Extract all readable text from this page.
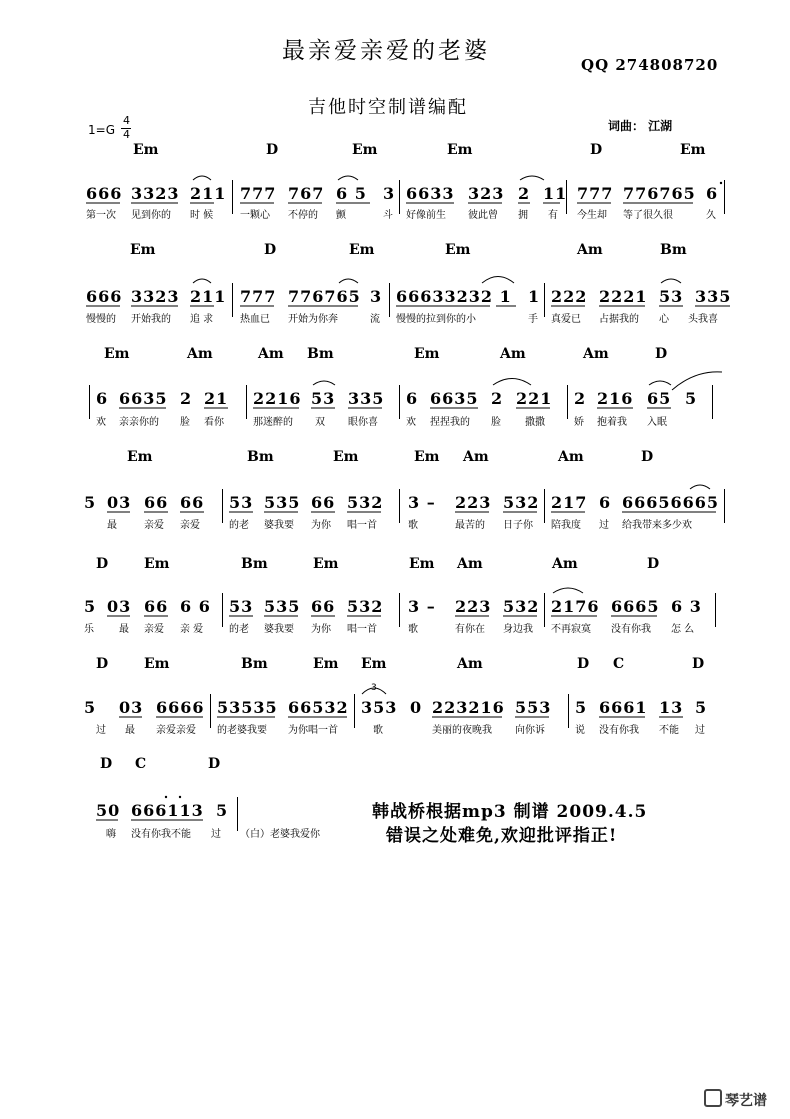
最亲爱亲爱的老婆
QQ 274808720
吉他时空制谱编配
词曲： 江湖
1=G
4
4
Em	D	Em	Em	D	Em
666 3323 211 777 767 6 5 3 6633 323 2 11 777 776765 6
第一次 见到你的 时 候	一颗心 不停的 颤	斗 好像前生 彼此曾 拥 有 今生却 等了很久很	久
Em	D	Em	Em	Am	Bm
666 3323 211 777 776765 3 66633232 1 1 222 2221 53 335
慢慢的 开始我的 追 求	热血已 开始为你奔	流 慢慢的拉到你的小	手 真爱已 占据我的 心 头我喜
Em	Am	Am Bm	Em	Am	Am	D
6 6635 2 21 2216 53 335 6 6635 2 221 2 216 65 5
欢 亲亲你的 脸 看你	那迷醉的 双 眼你喜	欢 捏捏我的 脸 撒撒	娇 抱着我 入眠
Em	Bm	Em	Em Am	Am	D
5 03 66 66 53 535 66 532 3 – 223 532 217 6 66656665
最	亲爱 亲爱	的老 婆我要 为你 唱一首	歌	最苦的 日子你 陪我度 过 给我带来多少欢
D	Em	Bm	Em	Em Am	Am	D
5 03 66 6 6 53 535 66 532 3 – 223 532 2176 6665 6 3
乐	最 亲爱 亲 爱	的老 婆我要 为你 唱一首	歌	有你在 身边我 不再寂寞 没有你我 怎 么
D	Em	Bm	Em Em	Am	D C	D
5 03 6666 53535 66532 353 0 223216 553 5 6661 13 5
过 最 亲爱亲爱 的老婆我要 为你唱一首	歌	美丽的夜晚我 向你诉	说 没有你我 不能 过
D C	D
50 666113 5
嗨 没有你我不能 过 （白）老婆我爱你
韩战桥根据mp3 制谱 2009.4.5
错误之处难免,欢迎批评指正!
3
琴艺谱
